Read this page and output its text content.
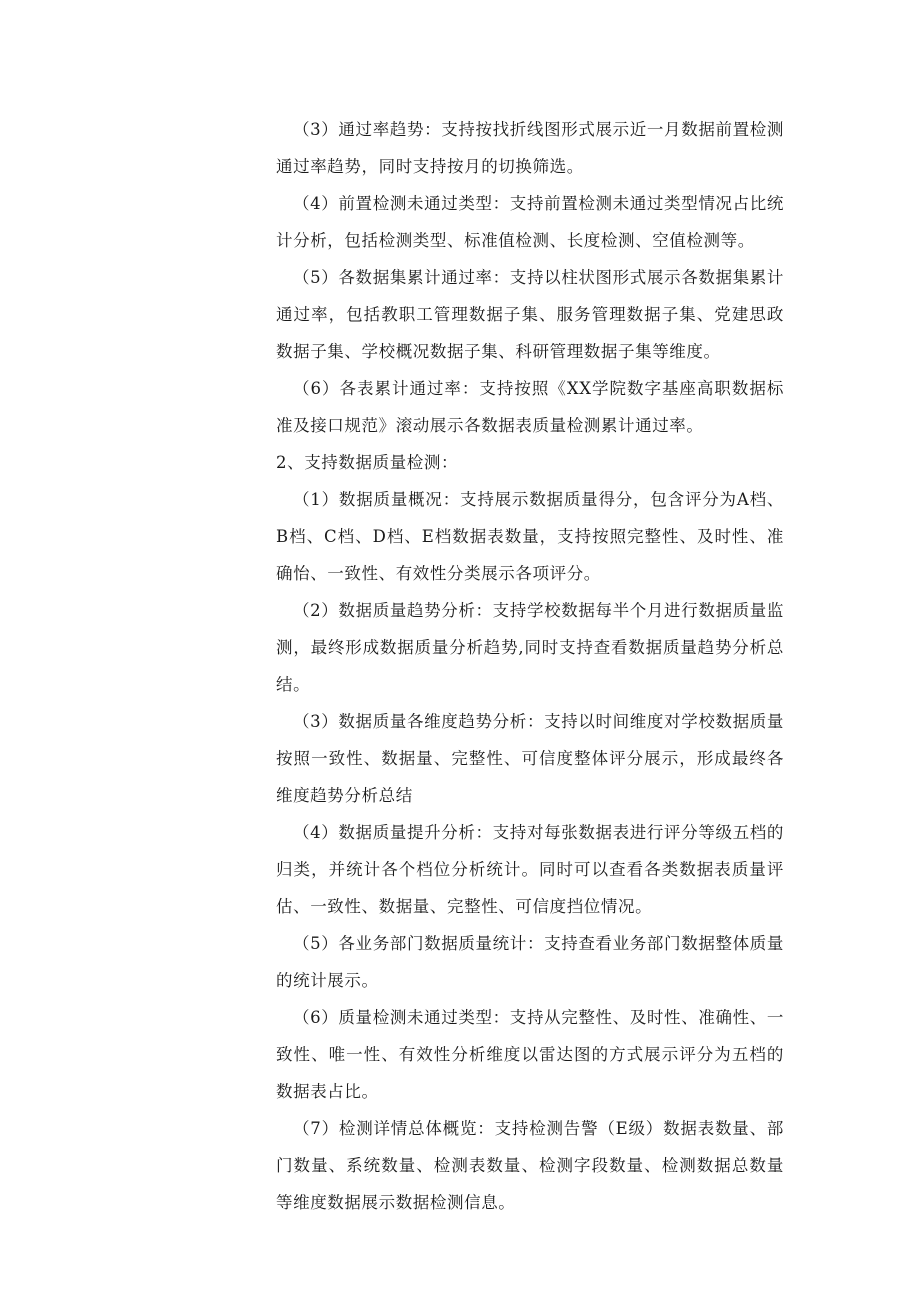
（3）通过率趋势：支持按找折线图形式展示近一月数据前置检测通过率趋势，同时支持按月的切换筛选。

（4）前置检测未通过类型：支持前置检测未通过类型情况占比统计分析，包括检测类型、标准值检测、长度检测、空值检测等。

（5）各数据集累计通过率：支持以柱状图形式展示各数据集累计通过率，包括教职工管理数据子集、服务管理数据子集、党建思政数据子集、学校概况数据子集、科研管理数据子集等维度。

（6）各表累计通过率：支持按照《XX学院数字基座高职数据标准及接口规范》滚动展示各数据表质量检测累计通过率。

2、支持数据质量检测：

（1）数据质量概况：支持展示数据质量得分，包含评分为A档、B档、C档、D档、E档数据表数量，支持按照完整性、及时性、准确怡、一致性、有效性分类展示各项评分。

（2）数据质量趋势分析：支持学校数据每半个月进行数据质量监测，最终形成数据质量分析趋势,同时支持查看数据质量趋势分析总结。

（3）数据质量各维度趋势分析：支持以时间维度对学校数据质量按照一致性、数据量、完整性、可信度整体评分展示，形成最终各维度趋势分析总结

（4）数据质量提升分析：支持对每张数据表进行评分等级五档的归类，并统计各个档位分析统计。同时可以查看各类数据表质量评估、一致性、数据量、完整性、可信度挡位情况。

（5）各业务部门数据质量统计：支持查看业务部门数据整体质量的统计展示。

（6）质量检测未通过类型：支持从完整性、及时性、准确性、一致性、唯一性、有效性分析维度以雷达图的方式展示评分为五档的数据表占比。

（7）检测详情总体概览：支持检测告警（E级）数据表数量、部门数量、系统数量、检测表数量、检测字段数量、检测数据总数量等维度数据展示数据检测信息。
